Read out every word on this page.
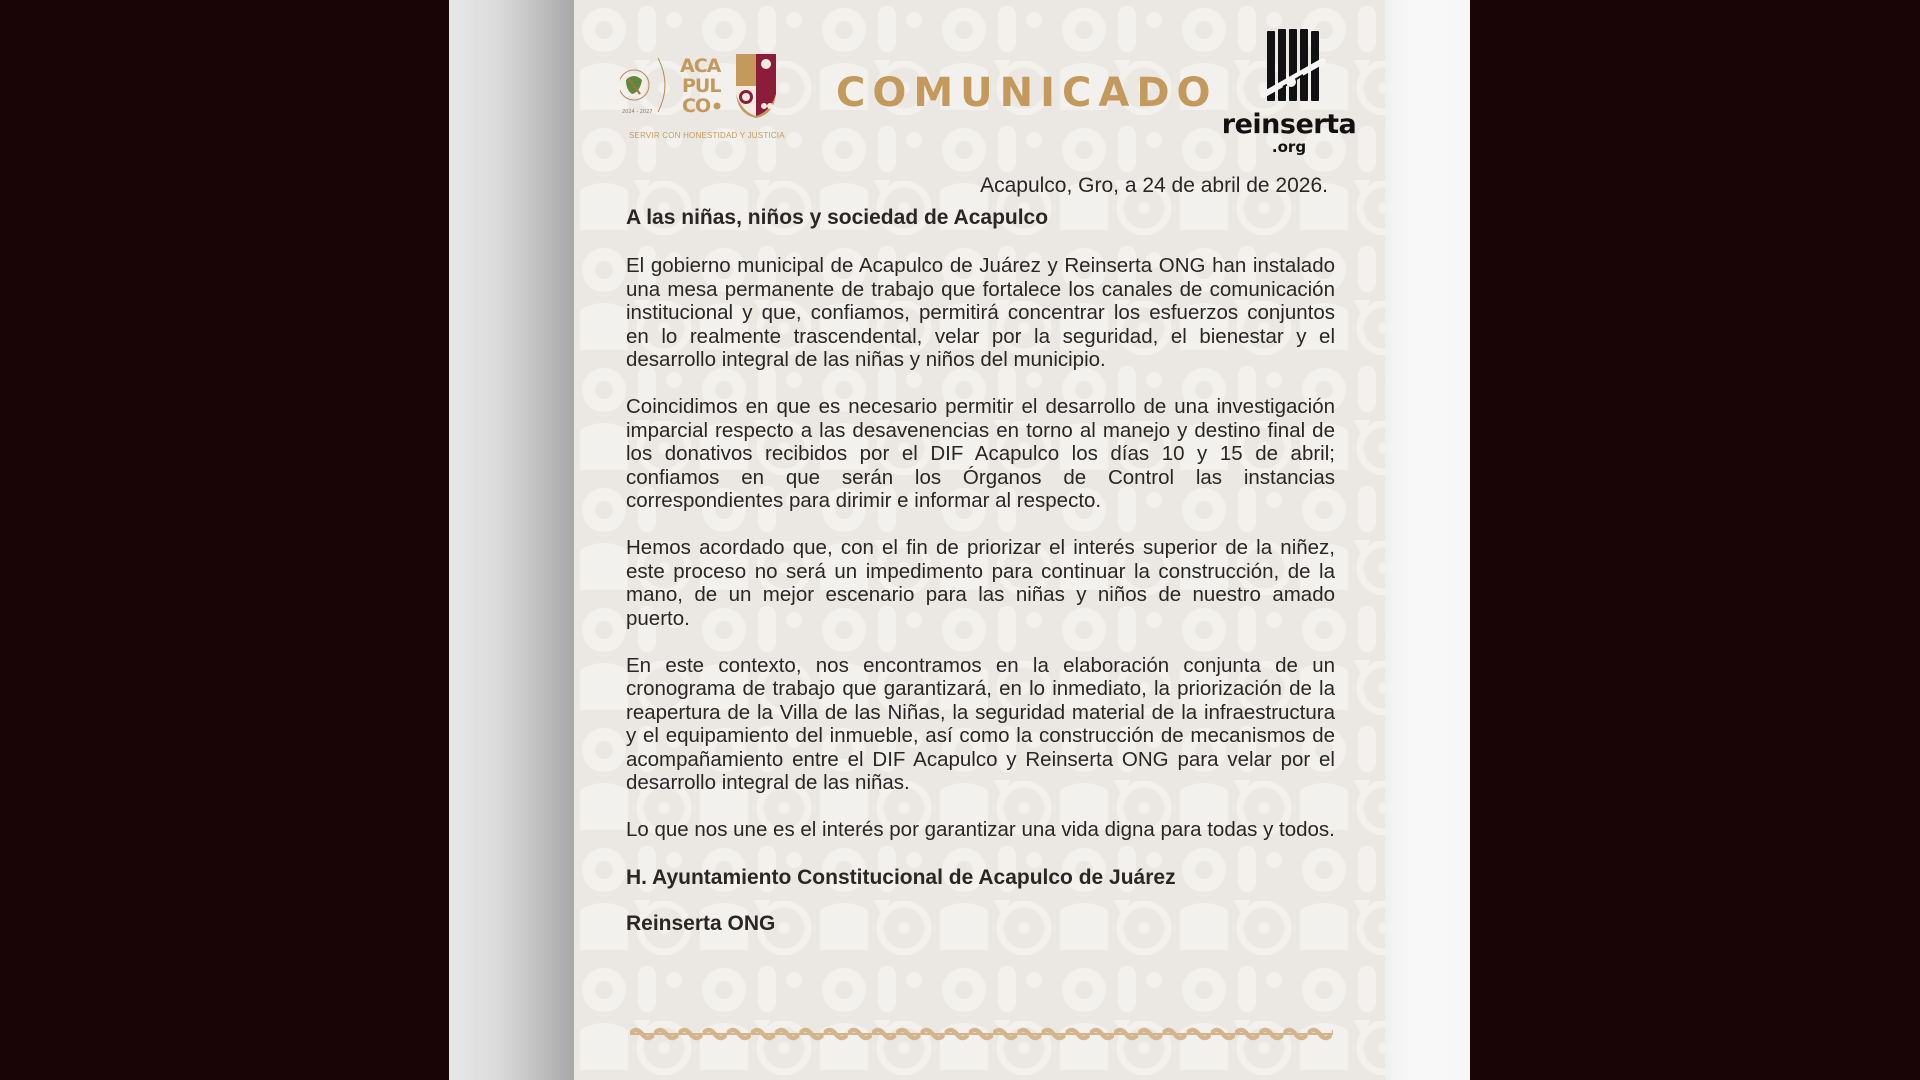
2024 - 2027
ACA
PUL
CO
SERVIR CON HONESTIDAD Y JUSTICIA
COMUNICADO
reinserta
.org
Acapulco, Gro, a 24 de abril de 2026.

A las niñas, niños y sociedad de Acapulco

El gobierno municipal de Acapulco de Juárez y Reinserta ONG han instalado una mesa permanente de trabajo que fortalece los canales de comunicación institucional y que, confiamos, permitirá concentrar los esfuerzos conjuntos en lo realmente trascendental, velar por la seguridad, el bienestar y el desarrollo integral de las niñas y niños del municipio.

Coincidimos en que es necesario permitir el desarrollo de una investigación imparcial respecto a las desavenencias en torno al manejo y destino final de los donativos recibidos por el DIF Acapulco los días 10 y 15 de abril; confiamos en que serán los Órganos de Control las instancias correspondientes para dirimir e informar al respecto.

Hemos acordado que, con el fin de priorizar el interés superior de la niñez, este proceso no será un impedimento para continuar la construcción, de la mano, de un mejor escenario para las niñas y niños de nuestro amado puerto.

En este contexto, nos encontramos en la elaboración conjunta de un cronograma de trabajo que garantizará, en lo inmediato, la priorización de la reapertura de la Villa de las Niñas, la seguridad material de la infraestructura y el equipamiento del inmueble, así como la construcción de mecanismos de acompañamiento entre el DIF Acapulco y Reinserta ONG para velar por el desarrollo integral de las niñas.

Lo que nos une es el interés por garantizar una vida digna para todas y todos.

H. Ayuntamiento Constitucional de Acapulco de Juárez

Reinserta ONG
